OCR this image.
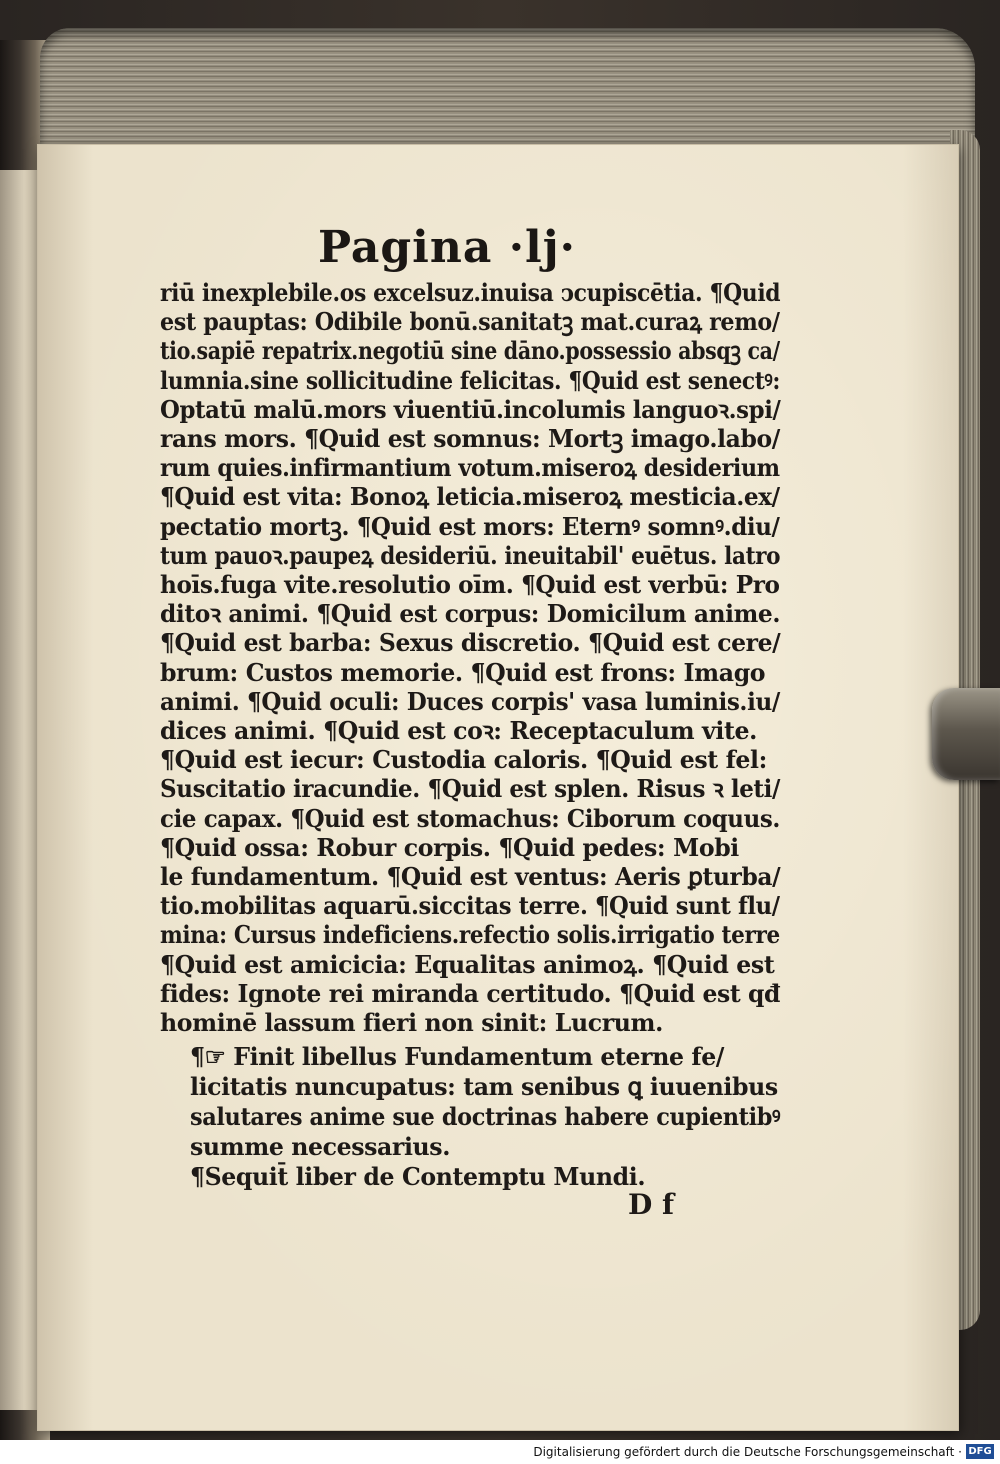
Pagina ·lj·
riū inexplebile.os excelsuz.inuisa ↄcupiscētia. ¶Quid
est pauptas: Odibile bonū.sanitatꝫ mat.curaꝝ remo/
tio.sapiē repatrix.negotiū sine dāno.possessio absqꝫ ca/
lumnia.sine sollicitudine felicitas. ¶Quid est senectꝰ:
Optatū malū.mors viuentiū.incolumis languoꝛ.spi/
rans mors. ¶Quid est somnus: Mortꝫ imago.labo/
rum quies.infirmantium votum.miseroꝝ desiderium
¶Quid est vita: Bonoꝝ leticia.miseroꝝ mesticia.ex/
pectatio mortꝫ. ¶Quid est mors: Eternꝰ somnꝰ.diu/
tum pauoꝛ.paupeꝝ desideriū. ineuitabil' euētus. latro
hoīs.fuga vite.resolutio oīm. ¶Quid est verbū: Pro
ditoꝛ animi. ¶Quid est corpus: Domicilum anime.
¶Quid est barba: Sexus discretio. ¶Quid est cere/
brum: Custos memorie. ¶Quid est frons: Imago
animi. ¶Quid oculi: Duces corpis' vasa luminis.iu/
dices animi. ¶Quid est coꝛ: Receptaculum vite.
¶Quid est iecur: Custodia caloris. ¶Quid est fel:
Suscitatio iracundie. ¶Quid est splen. Risus ꝛ leti/
cie capax. ¶Quid est stomachus: Ciborum coquus.
¶Quid ossa: Robur corpis. ¶Quid pedes: Mobi
le fundamentum. ¶Quid est ventus: Aeris ꝑturba/
tio.mobilitas aquarū.siccitas terre. ¶Quid sunt flu/
mina: Cursus indeficiens.refectio solis.irrigatio terre
¶Quid est amicicia: Equalitas animoꝝ. ¶Quid est
fides: Ignote rei miranda certitudo. ¶Quid est qđ
hominē lassum fieri non sinit: Lucrum.
¶☞ Finit libellus Fundamentum eterne fe/
licitatis nuncupatus: tam senibus ꝗ iuuenibus
salutares anime sue doctrinas habere cupientibꝰ
summe necessarius.
¶Sequit̄ liber de Contemptu Mundi.
D f
Digitalisierung gefördert durch die Deutsche Forschungsgemeinschaft · DFG
